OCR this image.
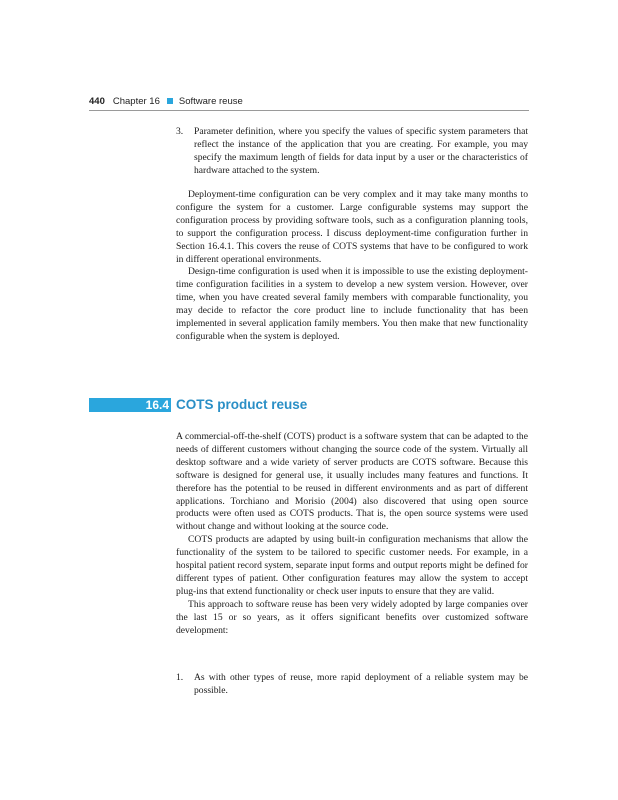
440 Chapter 16 Software reuse
3. Parameter definition, where you specify the values of specific system parameters that reflect the instance of the application that you are creating. For example, you may specify the maximum length of fields for data input by a user or the characteristics of hardware attached to the system.

Deployment-time configuration can be very complex and it may take many months to configure the system for a customer. Large configurable systems may support the configuration process by providing software tools, such as a configuration planning tools, to support the configuration process. I discuss deployment-time configuration further in Section 16.4.1. This covers the reuse of COTS systems that have to be configured to work in different operational environments.

Design-time configuration is used when it is impossible to use the existing deployment-time configuration facilities in a system to develop a new system version. However, over time, when you have created several family members with comparable functionality, you may decide to refactor the core product line to include functionality that has been implemented in several application family members. You then make that new functionality configurable when the system is deployed.

16.4 COTS product reuse

A commercial-off-the-shelf (COTS) product is a software system that can be adapted to the needs of different customers without changing the source code of the system. Virtually all desktop software and a wide variety of server products are COTS software. Because this software is designed for general use, it usually includes many features and functions. It therefore has the potential to be reused in different environments and as part of different applications. Torchiano and Morisio (2004) also discovered that using open source products were often used as COTS products. That is, the open source systems were used without change and without looking at the source code.

COTS products are adapted by using built-in configuration mechanisms that allow the functionality of the system to be tailored to specific customer needs. For example, in a hospital patient record system, separate input forms and output reports might be defined for different types of patient. Other configuration features may allow the system to accept plug-ins that extend functionality or check user inputs to ensure that they are valid.

This approach to software reuse has been very widely adopted by large companies over the last 15 or so years, as it offers significant benefits over customized software development:

1. As with other types of reuse, more rapid deployment of a reliable system may be possible.
